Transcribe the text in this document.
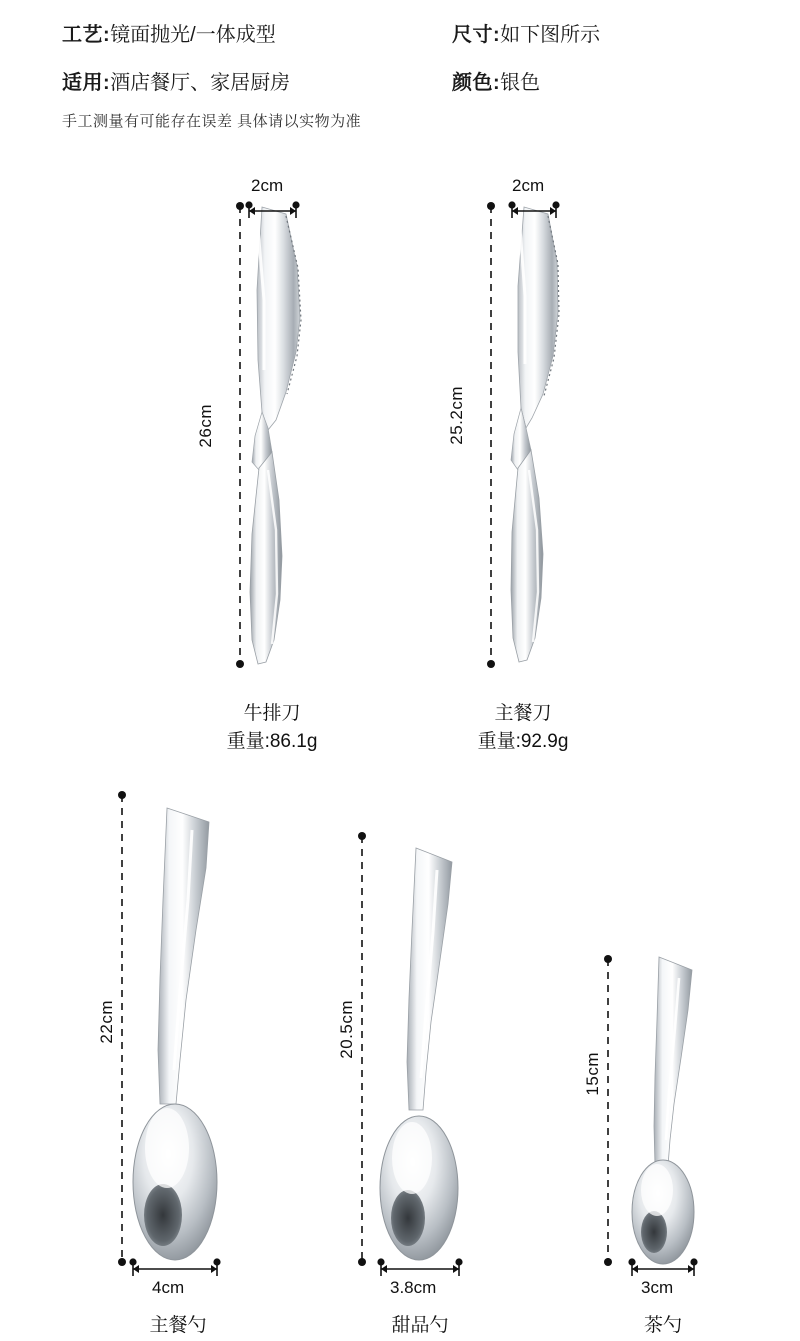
工艺: 镜面抛光/一体成型	尺寸: 如下图所示
适用: 酒店餐厅、家居厨房	颜色: 银色
手工测量有可能存在误差 具体请以实物为准
2cm	2cm
26cm	25.2cm
22cm	20.5cm
15cm
4cm	3.8cm	3cm
牛排刀
重量:86.1g
主餐刀
重量:92.9g
主餐勺	甜品勺	茶勺
